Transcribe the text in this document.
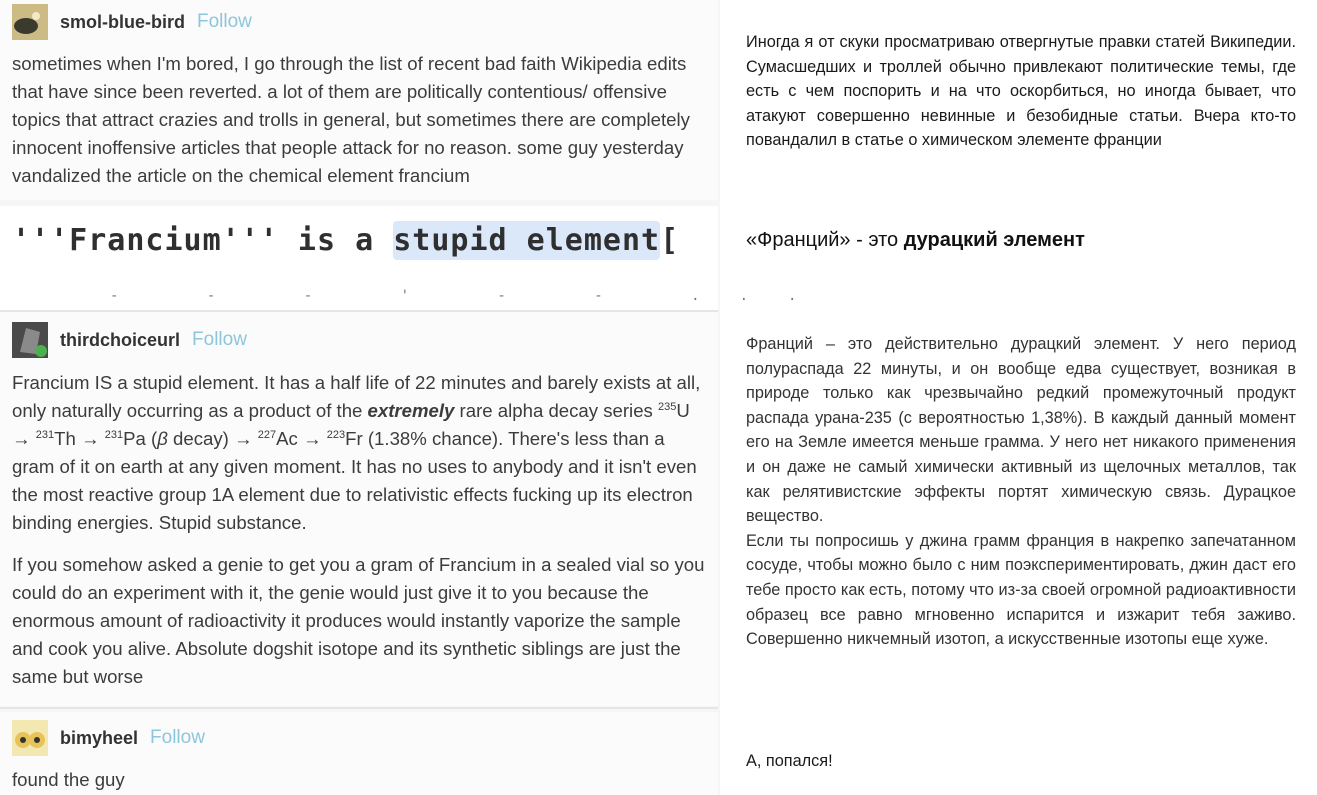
smol-blue-bird Follow
sometimes when I'm bored, I go through the list of recent bad faith Wikipedia edits that have since been reverted. a lot of them are politically contentious/ offensive topics that attract crazies and trolls in general, but sometimes there are completely innocent inoffensive articles that people attack for no reason. some guy yesterday vandalized the article on the chemical element francium
'''Francium''' is a stupid element[
- - - ' - - ...
thirdchoiceurl Follow

Francium IS a stupid element. It has a half life of 22 minutes and barely exists at all, only naturally occurring as a product of the extremely rare alpha decay series $^{235}$U → $^{231}$Th → $^{231}$Pa (β decay) → $^{227}$Ac → $^{223}$Fr (1.38% chance). There's less than a gram of it on earth at any given moment. It has no uses to anybody and it isn't even the most reactive group 1A element due to relativistic effects fucking up its electron binding energies. Stupid substance.

If you somehow asked a genie to get you a gram of Francium in a sealed vial so you could do an experiment with it, the genie would just give it to you because the enormous amount of radioactivity it produces would instantly vaporize the sample and cook you alive. Absolute dogshit isotope and its synthetic siblings are just the same but worse

bimyheel Follow
found the guy

Иногда я от скуки просматриваю отвергнутые правки статей Википедии. Сумасшедших и троллей обычно привлекают политические темы, где есть с чем поспорить и на что оскорбиться, но иногда бывает, что атакуют совершенно невинные и безобидные статьи. Вчера кто-то повандалил в статье о химическом элементе франции

«Франций» - это дурацкий элемент

Франций – это действительно дурацкий элемент. У него период полураспада 22 минуты, и он вообще едва существует, возникая в природе только как чрезвычайно редкий промежуточный продукт распада урана-235 (с вероятностью 1,38%). В каждый данный момент его на Земле имеется меньше грамма. У него нет никакого применения и он даже не самый химически активный из щелочных металлов, так как релятивистские эффекты портят химическую связь. Дурацкое вещество.

Если ты попросишь у джина грамм франция в накрепко запечатанном сосуде, чтобы можно было с ним поэкспериментировать, джин даст его тебе просто как есть, потому что из-за своей огромной радиоактивности образец все равно мгновенно испарится и изжарит тебя заживо. Совершенно никчемный изотоп, а искусственные изотопы еще хуже.

А, попался!
